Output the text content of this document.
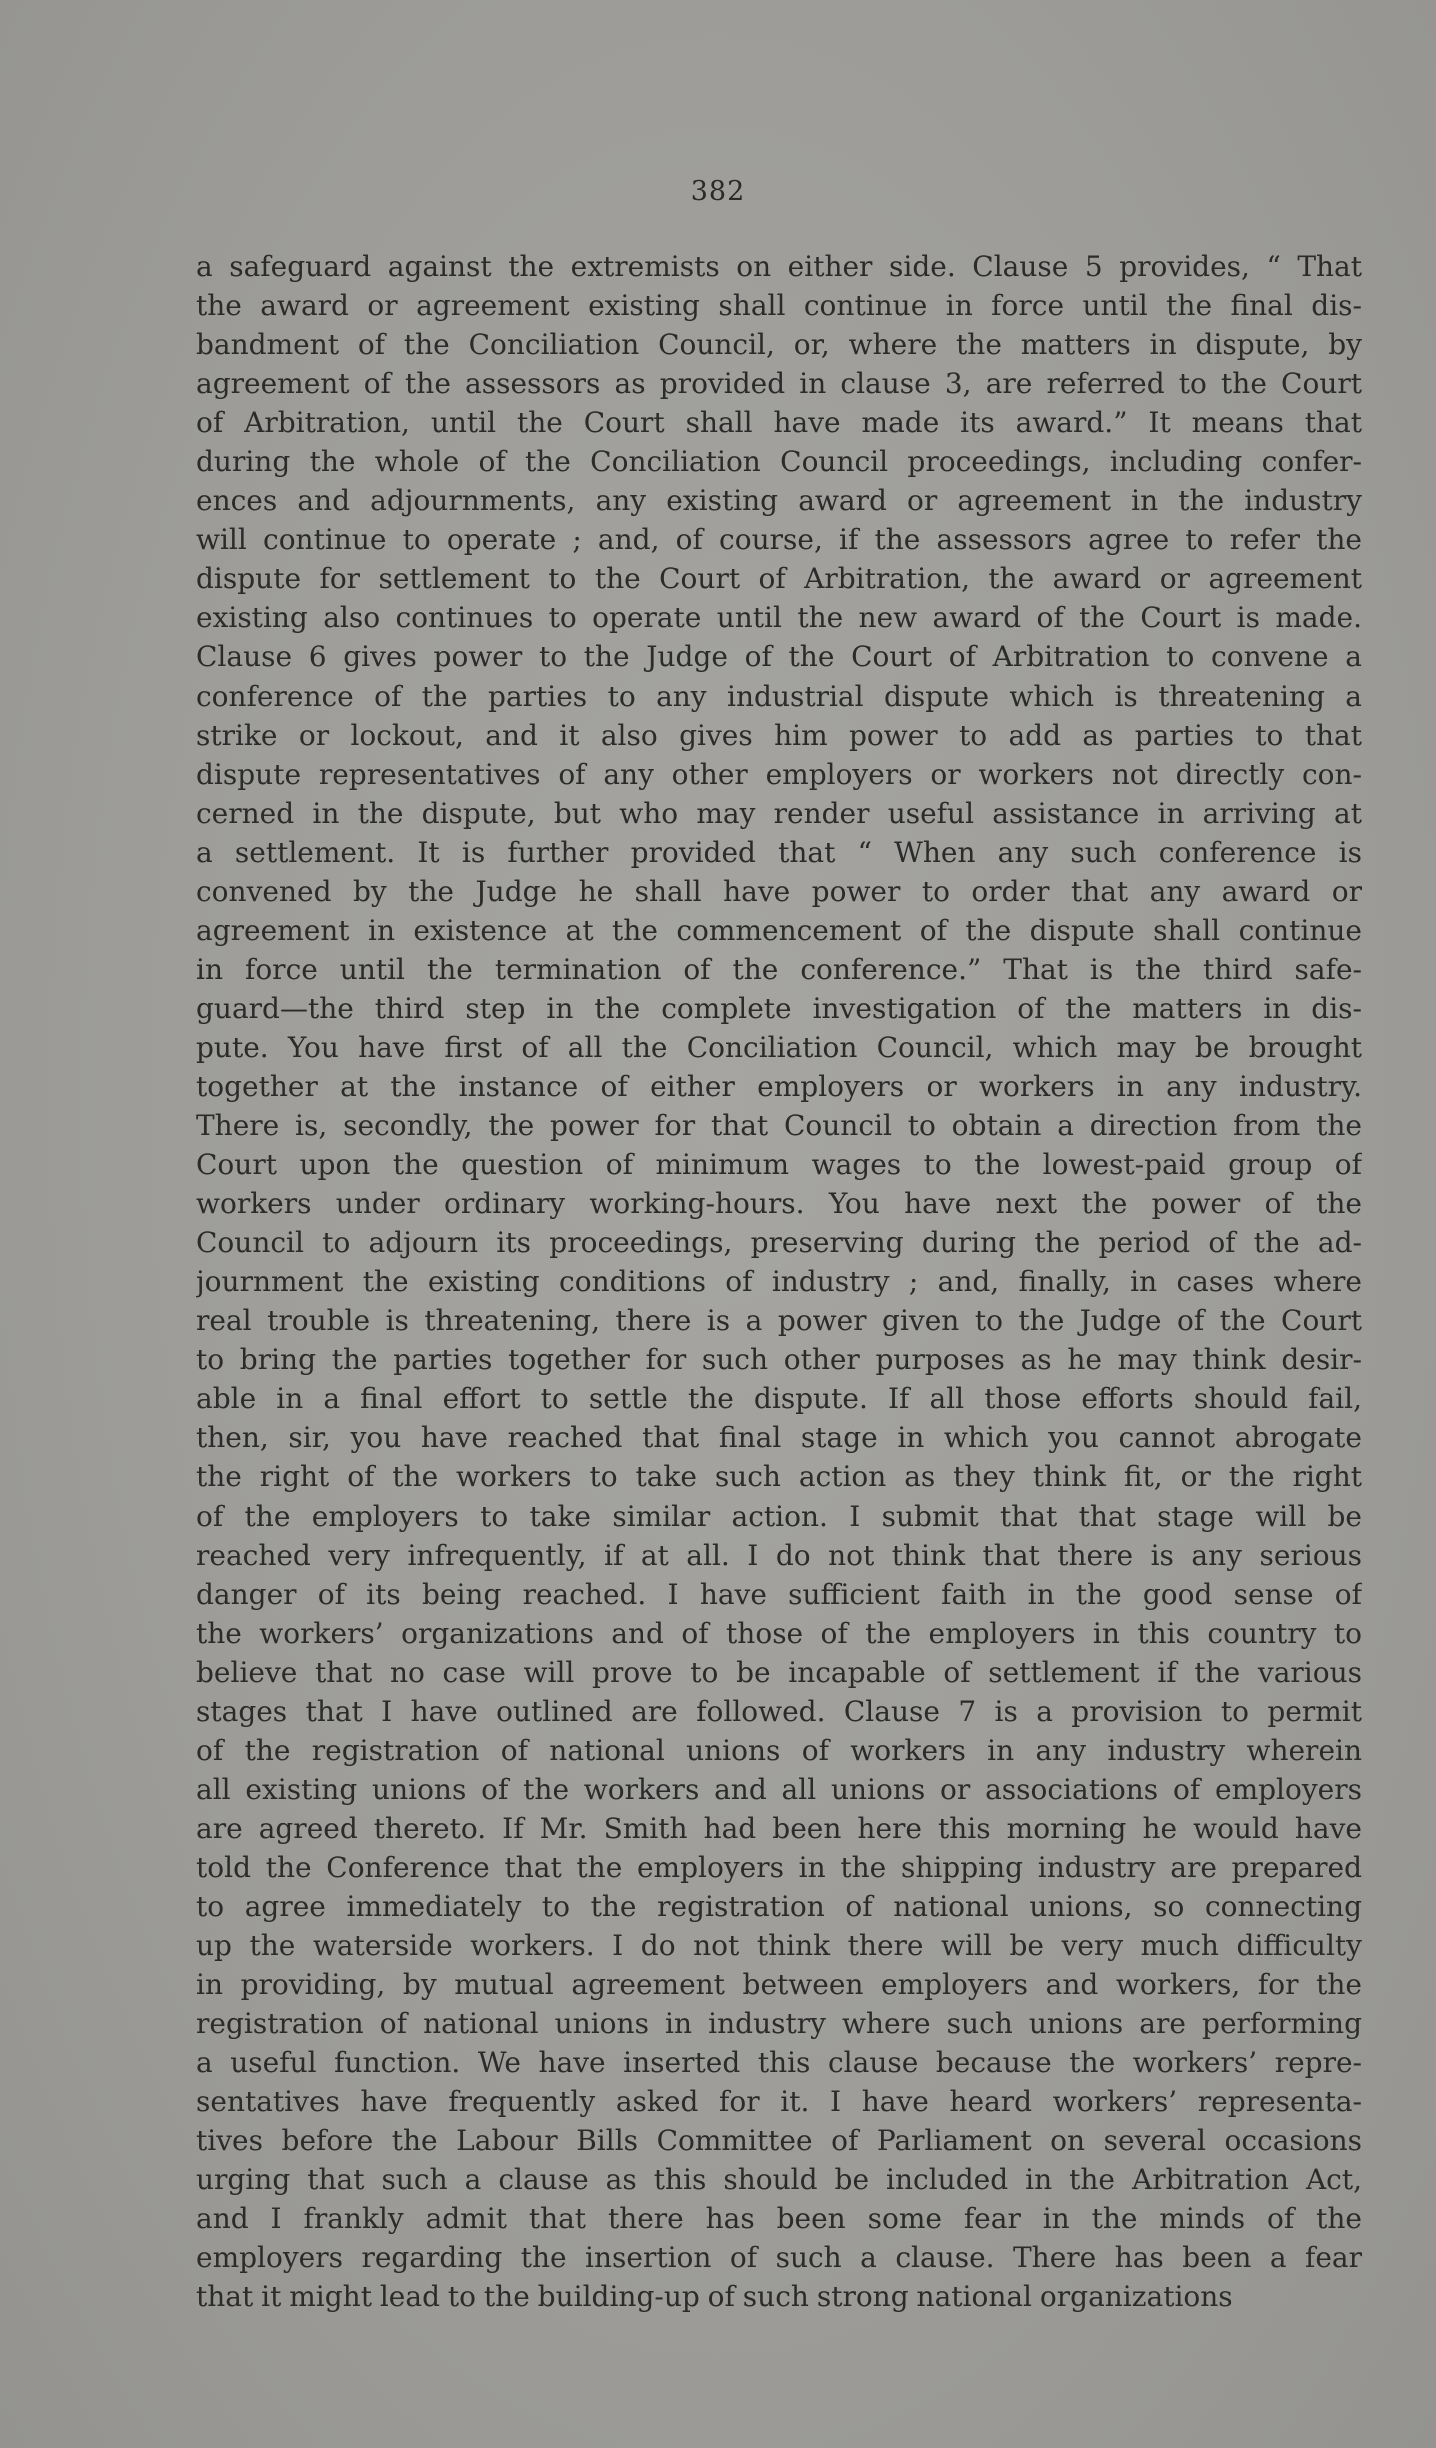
382
a safeguard against the extremists on either side. Clause 5 provides, “ That
the award or agreement existing shall continue in force until the final dis-
bandment of the Conciliation Council, or, where the matters in dispute, by
agreement of the assessors as provided in clause 3, are referred to the Court
of Arbitration, until the Court shall have made its award.” It means that
during the whole of the Conciliation Council proceedings, including confer-
ences and adjournments, any existing award or agreement in the industry
will continue to operate ; and, of course, if the assessors agree to refer the
dispute for settlement to the Court of Arbitration, the award or agreement
existing also continues to operate until the new award of the Court is made.
Clause 6 gives power to the Judge of the Court of Arbitration to convene a
conference of the parties to any industrial dispute which is threatening a
strike or lockout, and it also gives him power to add as parties to that
dispute representatives of any other employers or workers not directly con-
cerned in the dispute, but who may render useful assistance in arriving at
a settlement. It is further provided that “ When any such conference is
convened by the Judge he shall have power to order that any award or
agreement in existence at the commencement of the dispute shall continue
in force until the termination of the conference.” That is the third safe-
guard—the third step in the complete investigation of the matters in dis-
pute. You have first of all the Conciliation Council, which may be brought
together at the instance of either employers or workers in any industry.
There is, secondly, the power for that Council to obtain a direction from the
Court upon the question of minimum wages to the lowest-paid group of
workers under ordinary working-hours. You have next the power of the
Council to adjourn its proceedings, preserving during the period of the ad-
journment the existing conditions of industry ; and, finally, in cases where
real trouble is threatening, there is a power given to the Judge of the Court
to bring the parties together for such other purposes as he may think desir-
able in a final effort to settle the dispute. If all those efforts should fail,
then, sir, you have reached that final stage in which you cannot abrogate
the right of the workers to take such action as they think fit, or the right
of the employers to take similar action. I submit that that stage will be
reached very infrequently, if at all. I do not think that there is any serious
danger of its being reached. I have sufficient faith in the good sense of
the workers’ organizations and of those of the employers in this country to
believe that no case will prove to be incapable of settlement if the various
stages that I have outlined are followed. Clause 7 is a provision to permit
of the registration of national unions of workers in any industry wherein
all existing unions of the workers and all unions or associations of employers
are agreed thereto. If Mr. Smith had been here this morning he would have
told the Conference that the employers in the shipping industry are prepared
to agree immediately to the registration of national unions, so connecting
up the waterside workers. I do not think there will be very much difficulty
in providing, by mutual agreement between employers and workers, for the
registration of national unions in industry where such unions are performing
a useful function. We have inserted this clause because the workers’ repre-
sentatives have frequently asked for it. I have heard workers’ representa-
tives before the Labour Bills Committee of Parliament on several occasions
urging that such a clause as this should be included in the Arbitration Act,
and I frankly admit that there has been some fear in the minds of the
employers regarding the insertion of such a clause. There has been a fear
that it might lead to the building-up of such strong national organizations
